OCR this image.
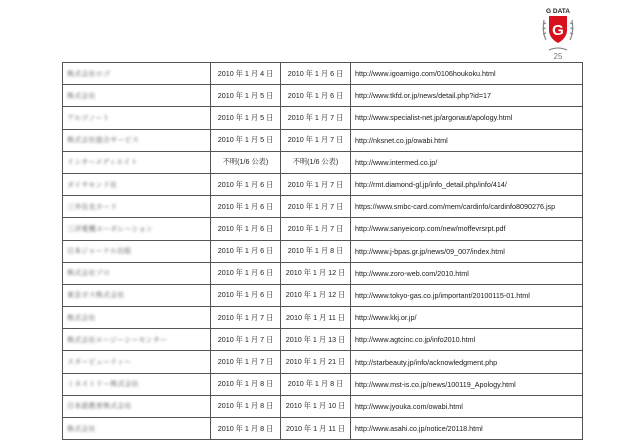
G DATA
G
25
株式会社ロゴ	2010 年 1 月 4 日	2010 年 1 月 6 日	http://www.igoamigo.com/0106houkoku.html
株式会社	2010 年 1 月 5 日	2010 年 1 月 6 日	http://www.tkfd.or.jp/news/detail.php?id=17
アルゴノート	2010 年 1 月 5 日	2010 年 1 月 7 日	http://www.specialist-net.jp/argonaut/apology.html
株式会社総合サービス	2010 年 1 月 5 日	2010 年 1 月 7 日	http://nksnet.co.jp/owabi.html
インターメディエイト	不明(1/6 公表)	不明(1/6 公表)	http://www.intermed.co.jp/
ダイヤモンド社	2010 年 1 月 6 日	2010 年 1 月 7 日	http://rmt.diamond-gl.jp/info_detail.php/info/414/
三井住友カード	2010 年 1 月 6 日	2010 年 1 月 7 日	https://www.smbc-card.com/mem/cardinfo/cardinfo8090276.jsp
三洋電機コーポレーション	2010 年 1 月 6 日	2010 年 1 月 7 日	http://www.sanyeicorp.com/new/moffevrsrpt.pdf
日本ジャーナル出版	2010 年 1 月 6 日	2010 年 1 月 8 日	http://www.j-bpas.gr.jp/news/09_007/index.html
株式会社ゾロ	2010 年 1 月 6 日	2010 年 1 月 12 日	http://www.zoro-web.com/2010.html
東京ガス株式会社	2010 年 1 月 6 日	2010 年 1 月 12 日	http://www.tokyo-gas.co.jp/important/20100115-01.html
株式会社	2010 年 1 月 7 日	2010 年 1 月 11 日	http://www.kkj.or.jp/
株式会社エージーシーセンター	2010 年 1 月 7 日	2010 年 1 月 13 日	http://www.agtcinc.co.jp/info2010.html
スタービューティー	2010 年 1 月 7 日	2010 年 1 月 21 日	http://starbeauty.jp/info/acknowledgment.php
ミネストリー株式会社	2010 年 1 月 8 日	2010 年 1 月 8 日	http://www.mst-is.co.jp/news/100119_Apology.html
日本語教育株式会社	2010 年 1 月 8 日	2010 年 1 月 10 日	http://www.jyouka.com/owabi.html
株式会社	2010 年 1 月 8 日	2010 年 1 月 11 日	http://www.asahi.co.jp/notice/20118.html
